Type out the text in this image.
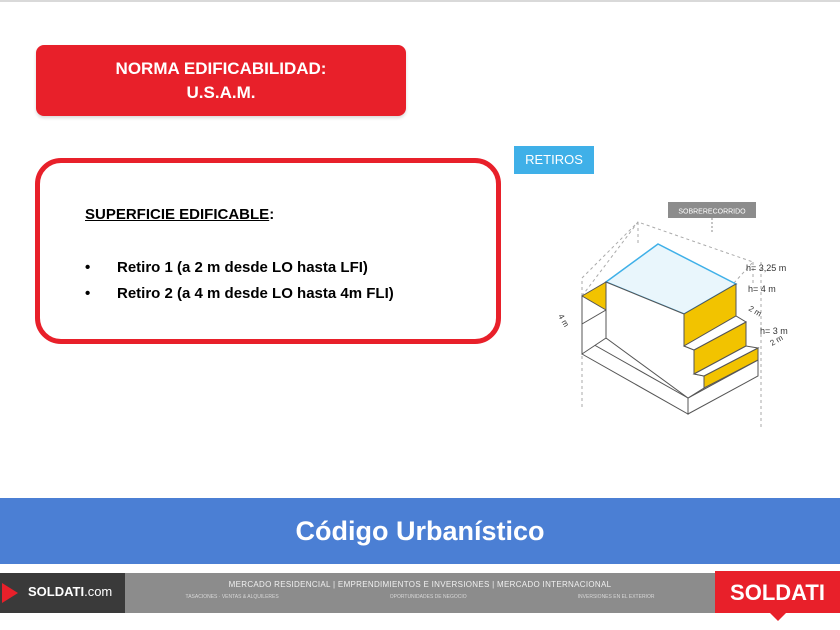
NORMA EDIFICABILIDAD:
U.S.A.M.
SUPERFICIE EDIFICABLE:
•	Retiro 1 (a 2 m desde LO hasta LFI)
•	Retiro 2 (a 4 m desde LO hasta 4m FLI)
RETIROS
SOBRERECORRIDO
h= 3,25 m
h= 4 m
2 m
h= 3 m
2 m
4 m
Código Urbanístico
SOLDATI.com	MERCADO RESIDENCIAL | EMPRENDIMIENTOS E INVERSIONES | MERCADO INTERNACIONAL
TASACIONES · VENTAS & ALQUILERES	OPORTUNIDADES DE NEGOCIO	INVERSIONES EN EL EXTERIOR	SOLDATI
